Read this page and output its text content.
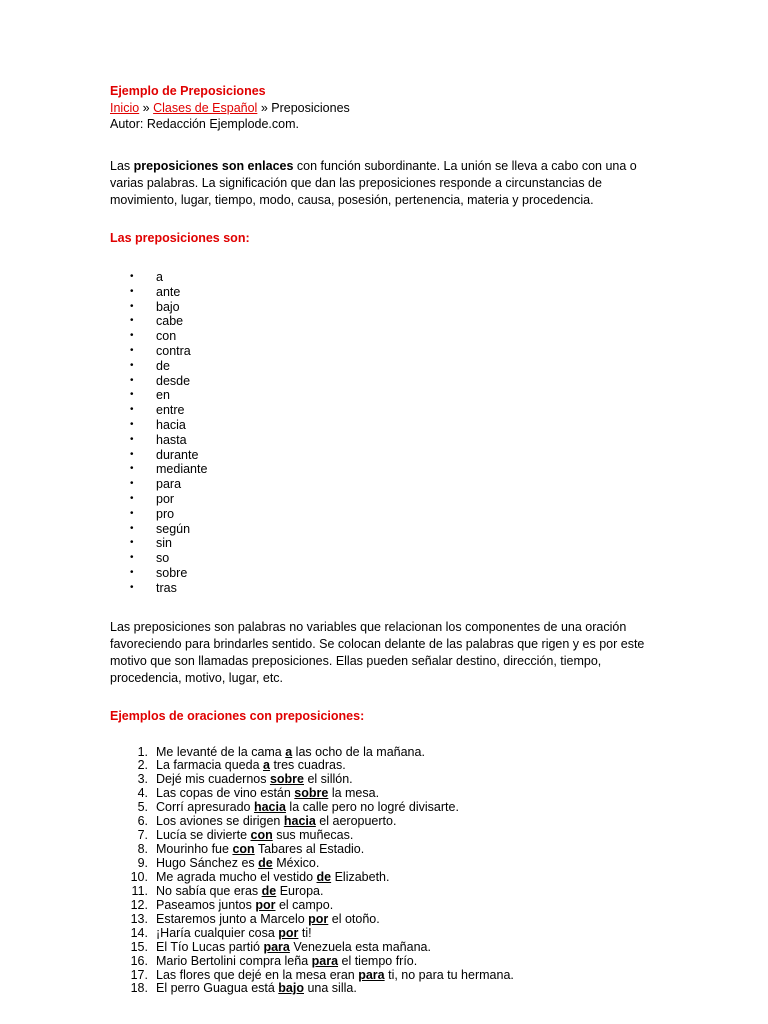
Ejemplo de Preposiciones
Inicio » Clases de Español » Preposiciones
Autor: Redacción Ejemplode.com.

Las preposiciones son enlaces con función subordinante. La unión se lleva a cabo con una o varias palabras. La significación que dan las preposiciones responde a circunstancias de movimiento, lugar, tiempo, modo, causa, posesión, pertenencia, materia y procedencia.

Las preposiciones son:
• a
• ante
• bajo
• cabe
• con
• contra
• de
• desde
• en
• entre
• hacia
• hasta
• durante
• mediante
• para
• por
• pro
• según
• sin
• so
• sobre
• tras

Las preposiciones son palabras no variables que relacionan los componentes de una oración favoreciendo para brindarles sentido. Se colocan delante de las palabras que rigen y es por este motivo que son llamadas preposiciones. Ellas pueden señalar destino, dirección, tiempo, procedencia, motivo, lugar, etc.

Ejemplos de oraciones con preposiciones:
1. Me levanté de la cama a las ocho de la mañana.
2. La farmacia queda a tres cuadras.
3. Dejé mis cuadernos sobre el sillón.
4. Las copas de vino están sobre la mesa.
5. Corrí apresurado hacia la calle pero no logré divisarte.
6. Los aviones se dirigen hacia el aeropuerto.
7. Lucía se divierte con sus muñecas.
8. Mourinho fue con Tabares al Estadio.
9. Hugo Sánchez es de México.
10. Me agrada mucho el vestido de Elizabeth.
11. No sabía que eras de Europa.
12. Paseamos juntos por el campo.
13. Estaremos junto a Marcelo por el otoño.
14. ¡Haría cualquier cosa por ti!
15. El Tío Lucas partió para Venezuela esta mañana.
16. Mario Bertolini compra leña para el tiempo frío.
17. Las flores que dejé en la mesa eran para ti, no para tu hermana.
18. El perro Guagua está bajo una silla.
